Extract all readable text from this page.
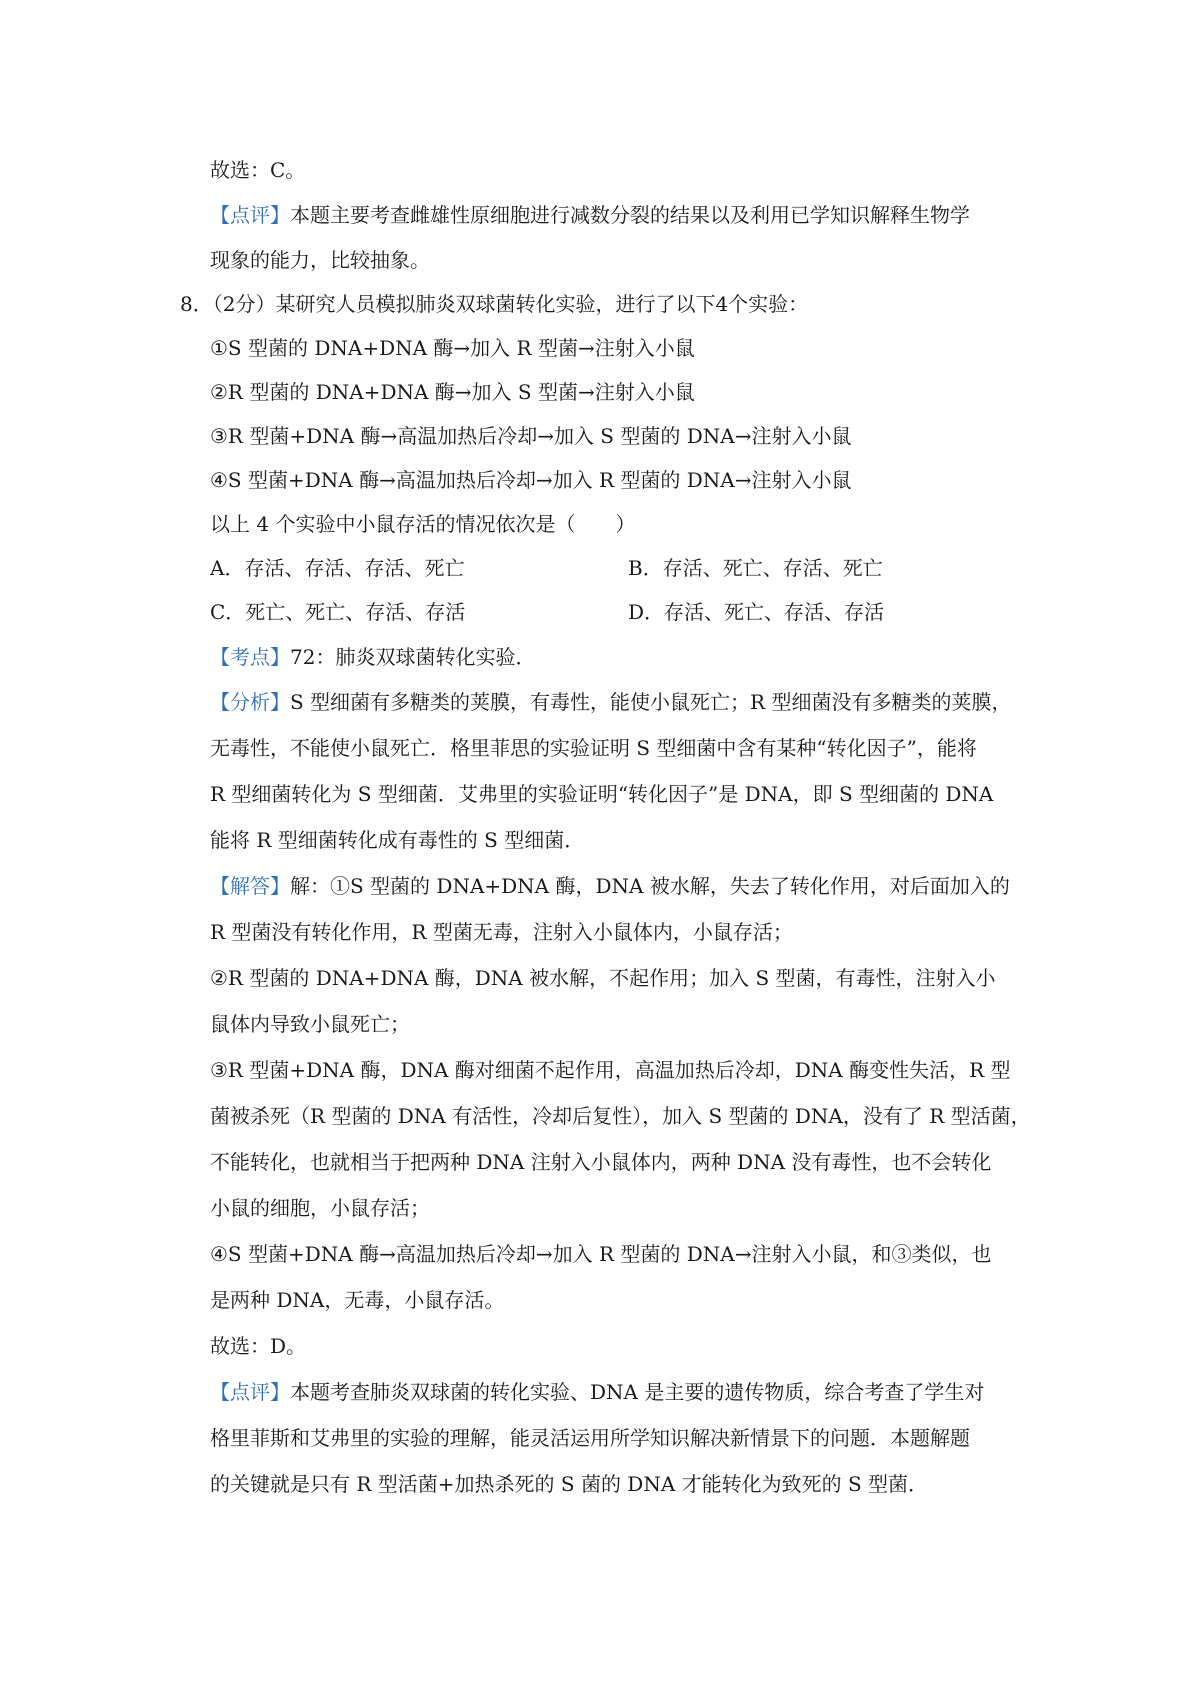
故选：C。
【点评】本题主要考查雌雄性原细胞进行减数分裂的结果以及利用已学知识解释生物学
现象的能力，比较抽象。
8．（2分）某研究人员模拟肺炎双球菌转化实验，进行了以下4个实验：
①S 型菌的 DNA+DNA 酶→加入 R 型菌→注射入小鼠
②R 型菌的 DNA+DNA 酶→加入 S 型菌→注射入小鼠
③R 型菌+DNA 酶→高温加热后冷却→加入 S 型菌的 DNA→注射入小鼠
④S 型菌+DNA 酶→高温加热后冷却→加入 R 型菌的 DNA→注射入小鼠
以上 4 个实验中小鼠存活的情况依次是（　　）
A．存活、存活、存活、死亡	B．存活、死亡、存活、死亡
C．死亡、死亡、存活、存活	D．存活、死亡、存活、存活
【考点】72：肺炎双球菌转化实验．
【分析】S 型细菌有多糖类的荚膜，有毒性，能使小鼠死亡；R 型细菌没有多糖类的荚膜，
无毒性，不能使小鼠死亡．格里菲思的实验证明 S 型细菌中含有某种“转化因子”，能将
R 型细菌转化为 S 型细菌．艾弗里的实验证明“转化因子”是 DNA，即 S 型细菌的 DNA
能将 R 型细菌转化成有毒性的 S 型细菌．
【解答】解：①S 型菌的 DNA+DNA 酶，DNA 被水解，失去了转化作用，对后面加入的
R 型菌没有转化作用，R 型菌无毒，注射入小鼠体内，小鼠存活；
②R 型菌的 DNA+DNA 酶，DNA 被水解，不起作用；加入 S 型菌，有毒性，注射入小
鼠体内导致小鼠死亡；
③R 型菌+DNA 酶，DNA 酶对细菌不起作用，高温加热后冷却，DNA 酶变性失活，R 型
菌被杀死（R 型菌的 DNA 有活性，冷却后复性），加入 S 型菌的 DNA，没有了 R 型活菌，
不能转化，也就相当于把两种 DNA 注射入小鼠体内，两种 DNA 没有毒性，也不会转化
小鼠的细胞，小鼠存活；
④S 型菌+DNA 酶→高温加热后冷却→加入 R 型菌的 DNA→注射入小鼠，和③类似，也
是两种 DNA，无毒，小鼠存活。
故选：D。
【点评】本题考查肺炎双球菌的转化实验、DNA 是主要的遗传物质，综合考查了学生对
格里菲斯和艾弗里的实验的理解，能灵活运用所学知识解决新情景下的问题．本题解题
的关键就是只有 R 型活菌+加热杀死的 S 菌的 DNA 才能转化为致死的 S 型菌．
